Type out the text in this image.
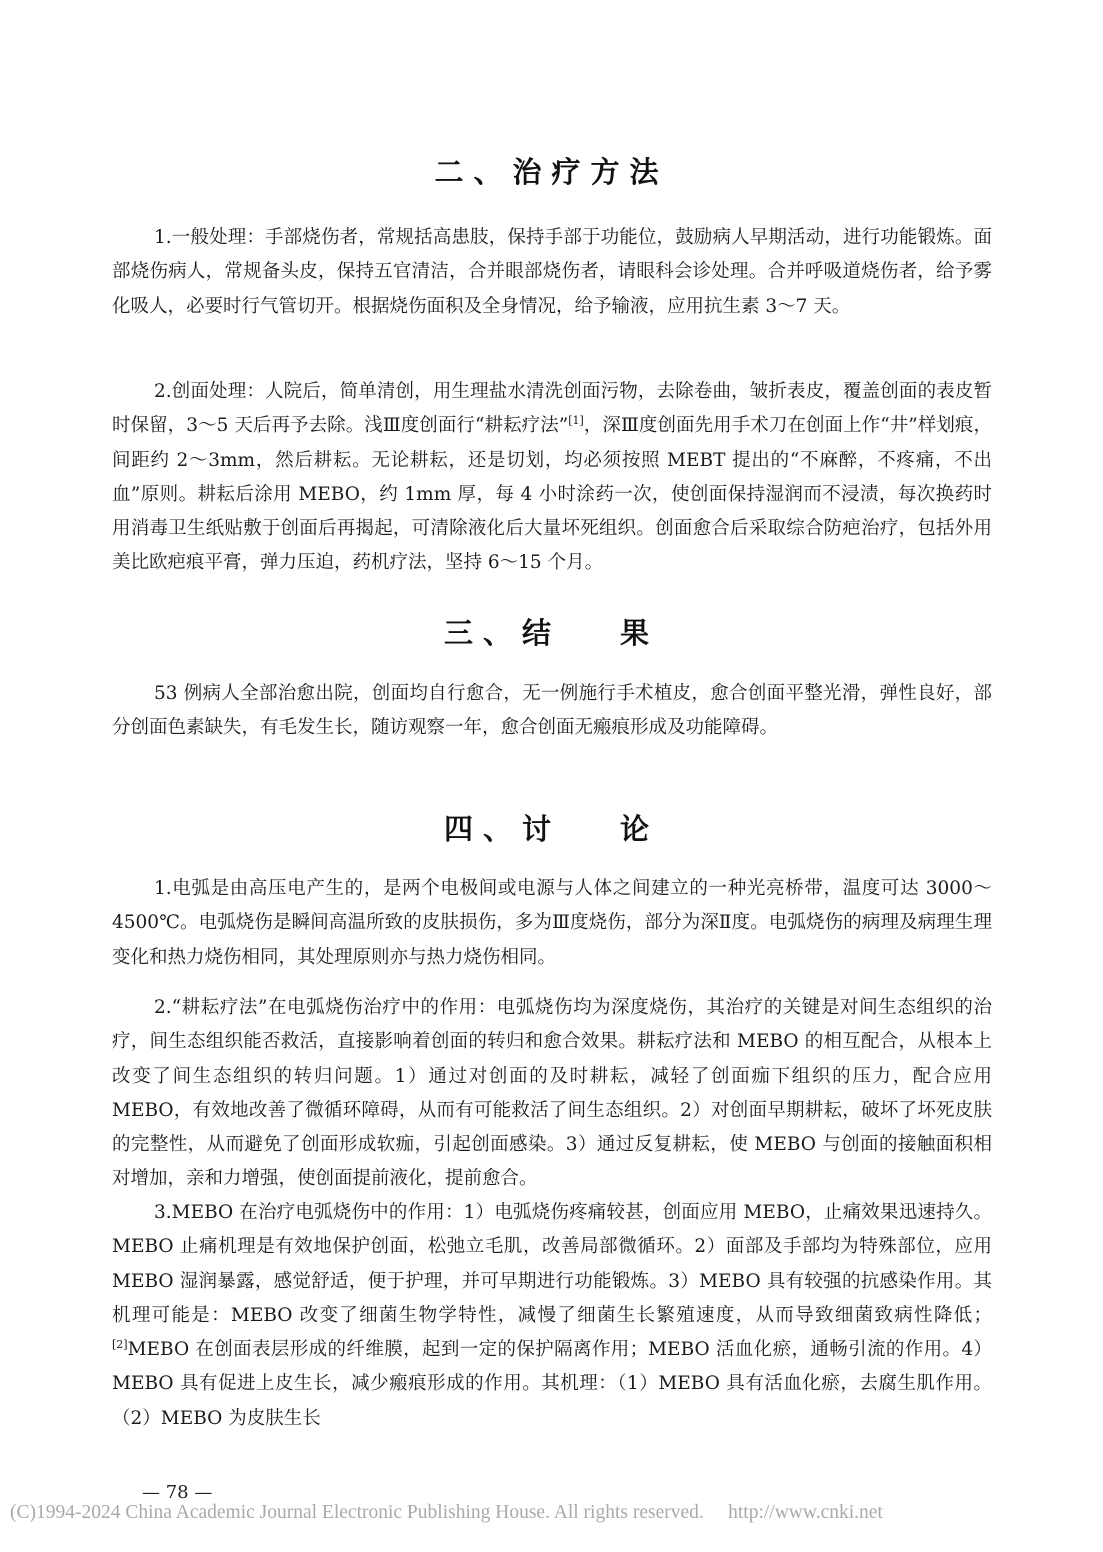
二、治疗方法

1.一般处理：手部烧伤者，常规括高患肢，保持手部于功能位，鼓励病人早期活动，进行功能锻炼。面部烧伤病人，常规备头皮，保持五官清洁，合并眼部烧伤者，请眼科会诊处理。合并呼吸道烧伤者，给予雾化吸人，必要时行气管切开。根据烧伤面积及全身情况，给予输液，应用抗生素 3～7 天。

2.创面处理：人院后，简单清创，用生理盐水清洗创面污物，去除卷曲，皱折表皮，覆盖创面的表皮暂时保留，3～5 天后再予去除。浅Ⅲ度创面行“耕耘疗法”[1]，深Ⅲ度创面先用手术刀在创面上作“井”样划痕，间距约 2～3mm，然后耕耘。无论耕耘，还是切划，均必须按照 MEBT 提出的“不麻醉，不疼痛，不出血”原则。耕耘后涂用 MEBO，约 1mm 厚，每 4 小时涂药一次，使创面保持湿润而不浸渍，每次换药时用消毒卫生纸贴敷于创面后再揭起，可清除液化后大量坏死组织。创面愈合后采取综合防疤治疗，包括外用美比欧疤痕平膏，弹力压迫，药机疗法，坚持 6～15 个月。

三、结　 果

53 例病人全部治愈出院，创面均自行愈合，无一例施行手术植皮，愈合创面平整光滑，弹性良好，部分创面色素缺失，有毛发生长，随访观察一年，愈合创面无瘢痕形成及功能障碍。

四、讨　 论

1.电弧是由高压电产生的，是两个电极间或电源与人体之间建立的一种光亮桥带，温度可达 3000～4500℃。电弧烧伤是瞬间高温所致的皮肤损伤，多为Ⅲ度烧伤，部分为深Ⅱ度。电弧烧伤的病理及病理生理变化和热力烧伤相同，其处理原则亦与热力烧伤相同。

2.“耕耘疗法”在电弧烧伤治疗中的作用：电弧烧伤均为深度烧伤，其治疗的关键是对间生态组织的治疗，间生态组织能否救活，直接影响着创面的转归和愈合效果。耕耘疗法和 MEBO 的相互配合，从根本上改变了间生态组织的转归问题。1）通过对创面的及时耕耘，减轻了创面痂下组织的压力，配合应用 MEBO，有效地改善了微循环障碍，从而有可能救活了间生态组织。2）对创面早期耕耘，破坏了坏死皮肤的完整性，从而避免了创面形成软痂，引起创面感染。3）通过反复耕耘，使 MEBO 与创面的接触面积相对增加，亲和力增强，使创面提前液化，提前愈合。

3.MEBO 在治疗电弧烧伤中的作用：1）电弧烧伤疼痛较甚，创面应用 MEBO，止痛效果迅速持久。MEBO 止痛机理是有效地保护创面，松弛立毛肌，改善局部微循环。2）面部及手部均为特殊部位，应用 MEBO 湿润暴露，感觉舒适，便于护理，并可早期进行功能锻炼。3）MEBO 具有较强的抗感染作用。其机理可能是：MEBO 改变了细菌生物学特性，减慢了细菌生长繁殖速度，从而导致细菌致病性降低；[2]MEBO 在创面表层形成的纤维膜，起到一定的保护隔离作用；MEBO 活血化瘀，通畅引流的作用。4）MEBO 具有促进上皮生长，减少瘢痕形成的作用。其机理：（1）MEBO 具有活血化瘀，去腐生肌作用。（2）MEBO 为皮肤生长

— 78 —

(C)1994-2024 China Academic Journal Electronic Publishing House. All rights reserved.　 http://www.cnki.net
